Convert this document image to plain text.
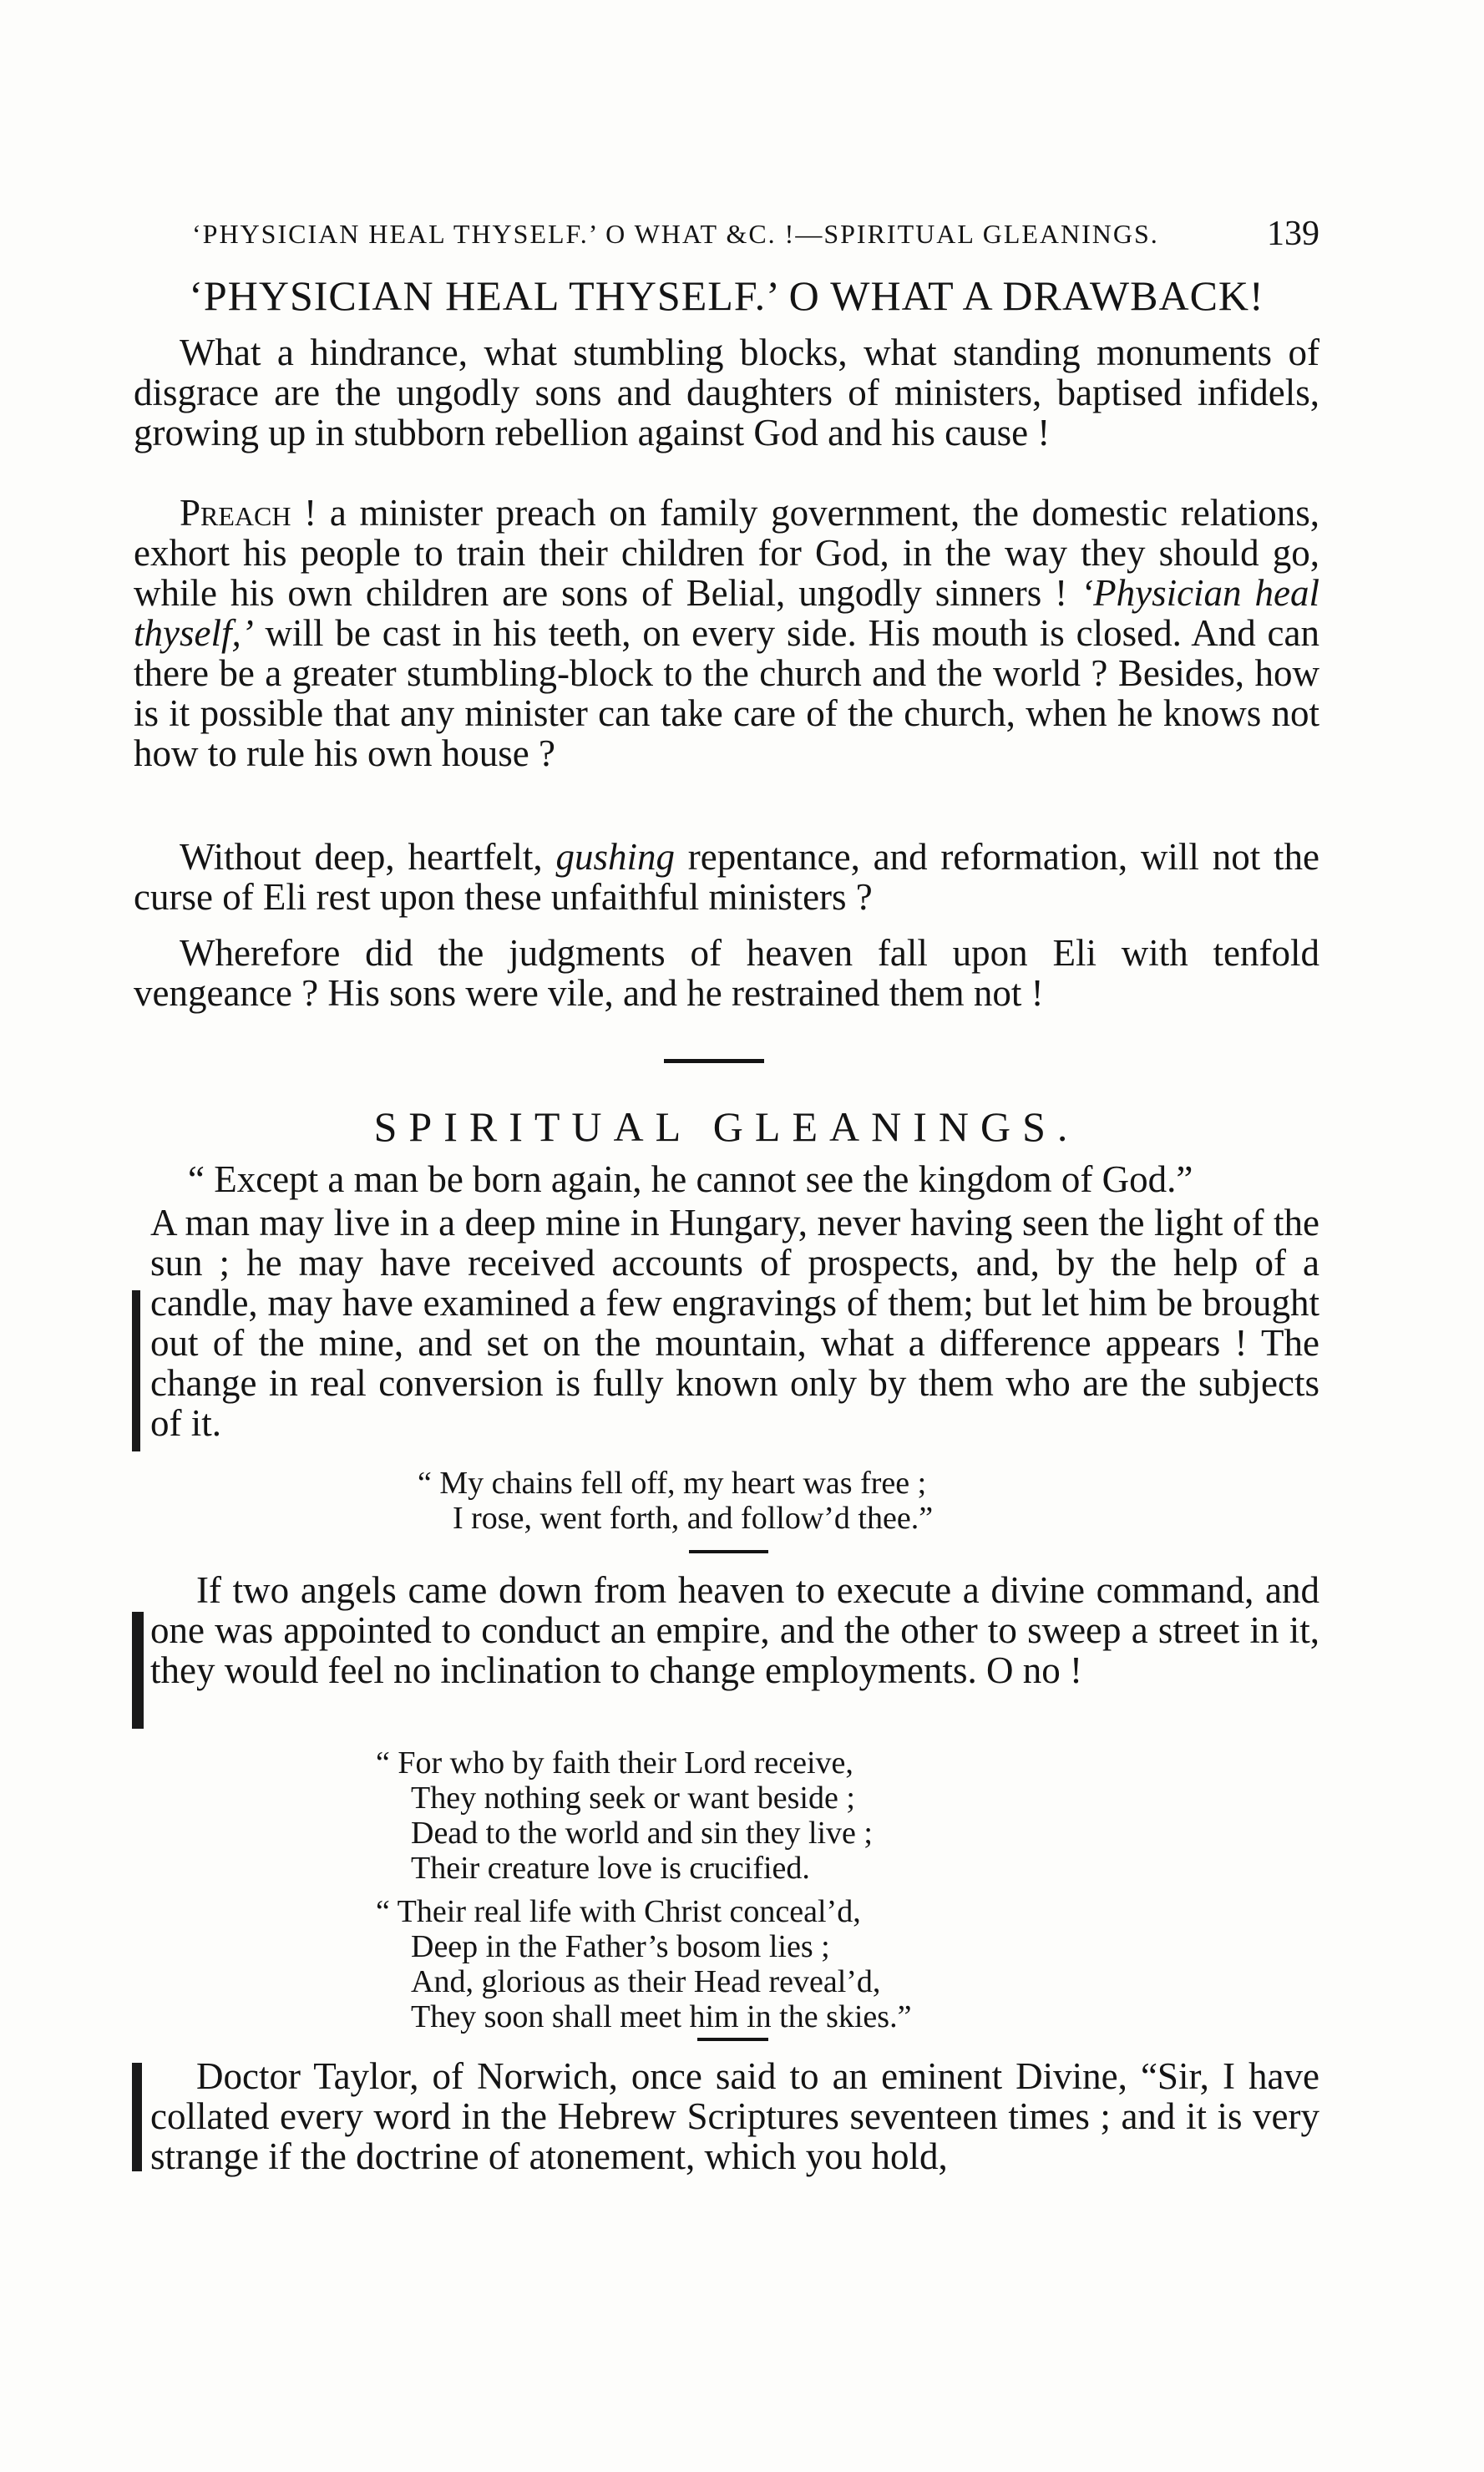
‘PHYSICIAN HEAL THYSELF.’ O WHAT &C. !—SPIRITUAL GLEANINGS.	139
‘PHYSICIAN HEAL THYSELF.’ O WHAT A DRAWBACK!
What a hindrance, what stumbling blocks, what standing monuments of disgrace are the ungodly sons and daughters of ministers, baptised infidels, growing up in stubborn rebellion against God and his cause !
Preach ! a minister preach on family government, the domestic relations, exhort his people to train their children for God, in the way they should go, while his own children are sons of Belial, ungodly sinners ! ‘Physician heal thyself,’ will be cast in his teeth, on every side. His mouth is closed. And can there be a greater stumbling-block to the church and the world ? Besides, how is it possible that any minister can take care of the church, when he knows not how to rule his own house ?
Without deep, heartfelt, gushing repentance, and reformation, will not the curse of Eli rest upon these unfaithful ministers ?
Wherefore did the judgments of heaven fall upon Eli with tenfold vengeance ? His sons were vile, and he restrained them not !
SPIRITUAL GLEANINGS.
“ Except a man be born again, he cannot see the kingdom of God.”
A man may live in a deep mine in Hungary, never having seen the light of the sun ; he may have received accounts of prospects, and, by the help of a candle, may have examined a few engravings of them; but let him be brought out of the mine, and set on the mountain, what a difference appears ! The change in real conversion is fully known only by them who are the subjects of it.
“ My chains fell off, my heart was free ;
I rose, went forth, and follow’d thee.”
If two angels came down from heaven to execute a divine command, and one was appointed to conduct an empire, and the other to sweep a street in it, they would feel no inclination to change employments. O no !
“ For who by faith their Lord receive,
They nothing seek or want beside ;
Dead to the world and sin they live ;
Their creature love is crucified.
“ Their real life with Christ conceal’d,
Deep in the Father’s bosom lies ;
And, glorious as their Head reveal’d,
They soon shall meet him in the skies.”
Doctor Taylor, of Norwich, once said to an eminent Divine, “Sir, I have collated every word in the Hebrew Scriptures seventeen times ; and it is very strange if the doctrine of atonement, which you hold,
